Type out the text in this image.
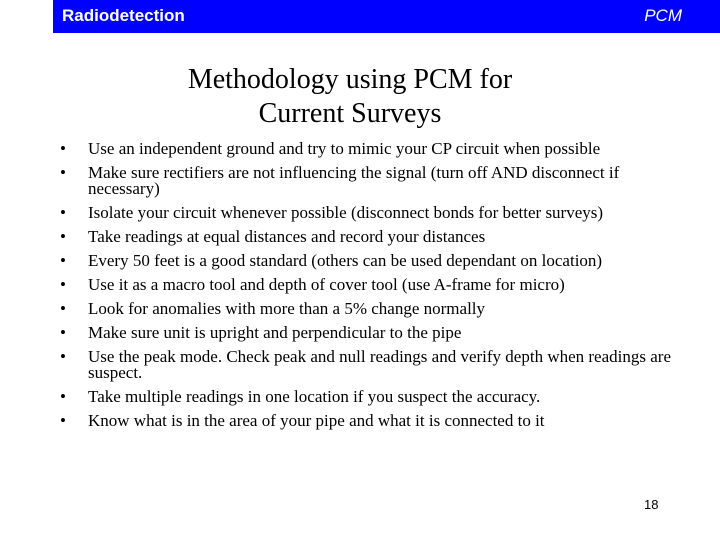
Radiodetection	PCM
Methodology using PCM for
Current Surveys
• Use an independent ground and try to mimic your CP circuit when possible
• Make sure rectifiers are not influencing the signal (turn off AND disconnect if necessary)
• Isolate your circuit whenever possible (disconnect bonds for better surveys)
• Take readings at equal distances and record your distances
• Every 50 feet is a good standard (others can be used dependant on location)
• Use it as a macro tool and depth of cover tool (use A-frame for micro)
• Look for anomalies with more than a 5% change normally
• Make sure unit is upright and perpendicular to the pipe
• Use the peak mode. Check peak and null readings and verify depth when readings are suspect.
• Take multiple readings in one location if you suspect the accuracy.
• Know what is in the area of your pipe and what it is connected to it
18
